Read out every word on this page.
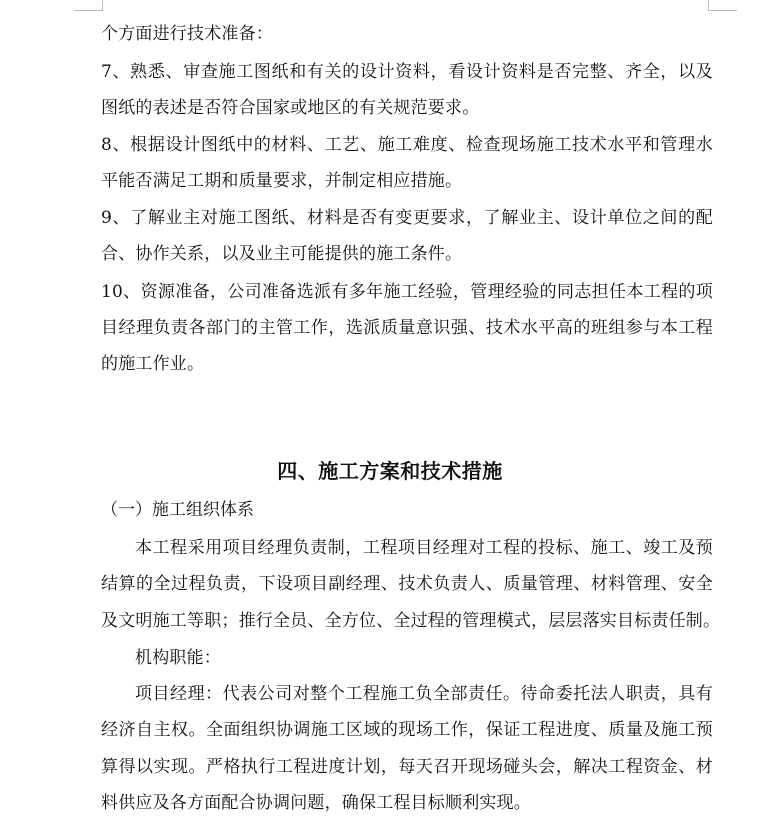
个方面进行技术准备：
7、熟悉、审查施工图纸和有关的设计资料，看设计资料是否完整、齐全，以及
图纸的表述是否符合国家或地区的有关规范要求。
8、根据设计图纸中的材料、工艺、施工难度、检查现场施工技术水平和管理水
平能否满足工期和质量要求，并制定相应措施。
9、了解业主对施工图纸、材料是否有变更要求，了解业主、设计单位之间的配
合、协作关系，以及业主可能提供的施工条件。
10、资源准备，公司准备选派有多年施工经验，管理经验的同志担任本工程的项
目经理负责各部门的主管工作，选派质量意识强、技术水平高的班组参与本工程
的施工作业。
四、施工方案和技术措施
（一）施工组织体系
本工程采用项目经理负责制，工程项目经理对工程的投标、施工、竣工及预
结算的全过程负责，下设项目副经理、技术负责人、质量管理、材料管理、安全
及文明施工等职；推行全员、全方位、全过程的管理模式，层层落实目标责任制。
机构职能：
项目经理：代表公司对整个工程施工负全部责任。待命委托法人职责，具有
经济自主权。全面组织协调施工区域的现场工作，保证工程进度、质量及施工预
算得以实现。严格执行工程进度计划，每天召开现场碰头会，解决工程资金、材
料供应及各方面配合协调问题，确保工程目标顺利实现。
